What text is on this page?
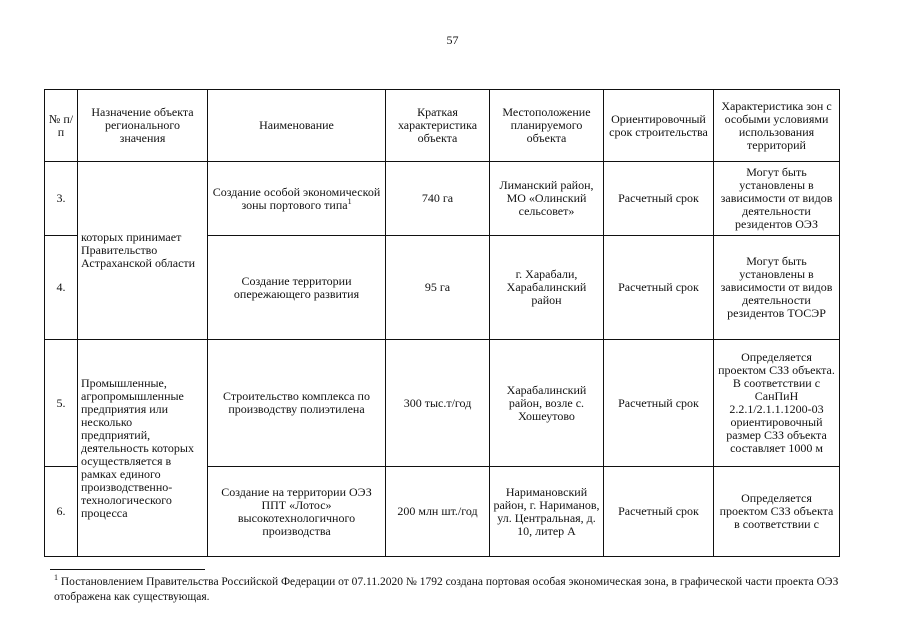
57
№ п/п	Назначение объекта регионального значения	Наименование	Краткая характеристика объекта	Местоположение планируемого объекта	Ориентировочный срок строительства	Характеристика зон с особыми условиями использования территорий
3.	которых принимает Правительство Астраханской области	Создание особой экономической зоны портового типа$^1$	740 га	Лиманский район, МО «Олинский сельсовет»	Расчетный срок	Могут быть установлены в зависимости от видов деятельности резидентов ОЭЗ
4.		Создание территории опережающего развития	95 га	г. Харабали, Харабалинский район	Расчетный срок	Могут быть установлены в зависимости от видов деятельности резидентов ТОСЭР
5.	Промышленные, агропромышленные предприятия или несколько предприятий, деятельность которых осуществляется в рамках единого производственно-технологического процесса	Строительство комплекса по производству полиэтилена	300 тыс.т/год	Харабалинский район, возле с. Хошеутово	Расчетный срок	Определяется проектом СЗЗ объекта. В соответствии с СанПиН 2.2.1/2.1.1.1200-03 ориентировочный размер СЗЗ объекта составляет 1000 м
6.		Создание на территории ОЭЗ ППТ «Лотос» высокотехнологичного производства	200 млн шт./год	Наримановский район, г. Нариманов, ул. Центральная, д. 10, литер А	Расчетный срок	Определяется проектом СЗЗ объекта в соответствии с
$^1$ Постановлением Правительства Российской Федерации от 07.11.2020 № 1792 создана портовая особая экономическая зона, в графической части проекта ОЭЗ отображена как существующая.
